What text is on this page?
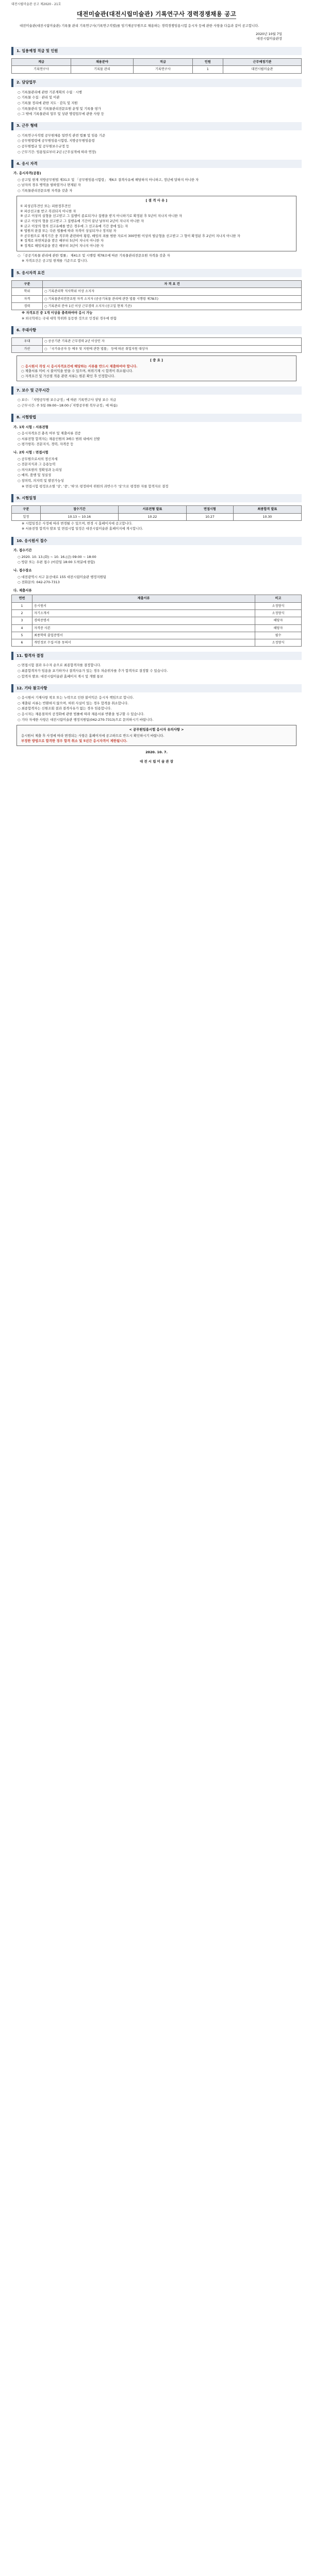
대전시립미술관 공고 제2020 - 21호
대전미술관(대전시립미술관) 기록연구사 경력경쟁채용 공고

대전미술관(대전시립미술관) 기록물 관리 기록연구사(기록연구직렬)를 임기제공무원으로 채용하는 경력경쟁임용시험 응시자 등에 관한 사항을 다음과 같이 공고합니다.

2020년 10월 7일
대전시립미술관장
1. 임용예정 직급 및 인원
계급	채용분야	직급	인원	근무예정기관
기록연구사	기록물 관리	기록연구사	1	대전시립미술관
2. 담당업무

○ 기록물관리에 관한 기본계획의 수립 · 시행

○ 기록물 수집 · 관리 및 이관

○ 기록물 정리에 관한 지도 · 감독 및 지원

○ 기록물관리 및 기록물관리전문요원 운영 및 기록물 평가

○ 그 밖에 기록물관리 업무 및 상관 명령업무에 관한 사항 등

3. 근무 형태

○ 기록연구사직렬 공무원채용 일반직 관련 법률 및 임용 기준

○ 공무원법령에 공무원임용시험령, 지방공무원임용령

○ 공무원법규 및 공무원보수규정 등

○ 근무기간: 임용일로부터 2년 (근무실적에 따라 연장)

4. 응시 자격
가. 응시자격(공통)

○ 공고일 현재 지방공무원법 제31조 및 「공무원임용시험령」 제6조 결격사유에 해당하지 아니하고, 정년에 달하지 아니한 자

○ 남자의 경우 병역을 필하였거나 면제된 자

○ 기록물관리전문요원 자격을 갖춘 자

[ 결 격 사 유 ]

① 피성년후견인 또는 피한정후견인

② 파산선고를 받고 복권되지 아니한 자

③ 금고 이상의 실형을 선고받고 그 집행이 종료되거나 집행을 받지 아니하기로 확정된 후 5년이 지나지 아니한 자

④ 금고 이상의 형을 선고받고 그 집행유예 기간이 끝난 날부터 2년이 지나지 아니한 자

⑤ 금고 이상의 형의 선고유예를 받은 경우에 그 선고유예 기간 중에 있는 자

⑥ 법원의 판결 또는 다른 법률에 따라 자격이 상실되거나 정지된 자

⑦ 공무원으로 재직기간 중 직무와 관련하여 횡령, 배임의 죄를 범한 자로서 300만원 이상의 벌금형을 선고받고 그 형이 확정된 후 2년이 지나지 아니한 자

⑧ 징계로 파면처분을 받은 때부터 5년이 지나지 아니한 자

⑨ 징계로 해임처분을 받은 때부터 3년이 지나지 아니한 자

○ 「공공기록물 관리에 관한 법률」 제41조 및 시행령 제78조에 따른 기록물관리전문요원 자격을 갖춘 자

※ 자격요건은 공고일 현재를 기준으로 합니다.

5. 응시자격 요건
구분	자 격 요 건
학위	○ 기록관리학 석사학위 이상 소지자
자격	○ 기록물관리전문요원 자격 소지자 (공공기록물 관리에 관한 법률 시행령 제78조)
경력	○ 기록관리 분야 1년 이상 근무경력 소지자 (공고일 현재 기준)

※ 자격요건 중 1개 이상을 충족하여야 응시 가능

※ 외국학위는 국내 대학 학위와 동등한 것으로 인정된 경우에 한함

6. 우대사항
우대	○ 공공기관 기록관 근무경력 2년 이상인 자
가산	○ 「국가유공자 등 예우 및 지원에 관한 법률」 등에 따른 취업지원 대상자
[ 중 요 ]

○ 응시원서 작성 시 응시자격요건에 해당하는 서류를 반드시 제출하여야 합니다.

○ 제출서류 미비 시 불이익을 받을 수 있으며, 허위기재 시 합격이 취소됩니다.

○ 자격요건 및 가산점 적용 관련 서류는 원본 확인 후 인정합니다.

7. 보수 및 근무시간

○ 보수: 「지방공무원 보수규정」에 따른 기록연구사 상당 보수 지급

○ 근무시간: 주 5일 09:00~18:00 (「지방공무원 복무규정」에 따름)

8. 시험방법
가. 1차 시험 : 서류전형

○ 응시자격요건 충족 여부 및 제출서류 검증

○ 서류전형 합격자는 채용인원의 3배수 범위 내에서 선발

○ 평가항목: 전문지식, 경력, 자격증 등

나. 2차 시험 : 면접시험

○ 공무원으로서의 정신자세

○ 전문지식과 그 응용능력

○ 의사표현의 정확성과 논리성

○ 예의, 품행 및 성실성

○ 창의력, 의지력 및 발전가능성

※ 면접시험 평정요소별 '상', '중', '하'로 평정하여 위원의 과반수가 '상'으로 평정한 자를 합격자로 결정

9. 시험일정
구분	접수기간	서류전형 발표	면접시험	최종합격 발표
일정	10.13 ~ 10.16	10.22	10.27	10.30

※ 시험일정은 사정에 따라 변경될 수 있으며, 변경 시 홈페이지에 공고합니다.

※ 서류전형 합격자 발표 및 면접시험 일정은 대전시립미술관 홈페이지에 게시합니다.

10. 응시원서 접수
가. 접수기간

○ 2020. 10. 13.(화) ~ 10. 16.(금) 09:00 ~ 18:00

○ 방문 또는 우편 접수 (마감일 18:00 도착분에 한함)

나. 접수장소

○ 대전광역시 서구 둔산대로 155 대전시립미술관 행정지원팀

○ 전화문의: 042-270-7313

다. 제출서류
연번	제출서류	비고
1	응시원서	소정양식
2	자기소개서	소정양식
3	경력증명서	해당자
4	자격증 사본	해당자
5	최종학력 졸업증명서	필수
6	개인정보 수집·이용 동의서	소정양식
11. 합격자 결정

○ 면접시험 결과 우수자 순으로 최종합격자를 결정합니다.

○ 최종합격자가 임용을 포기하거나 결격사유가 있는 경우 차순위자를 추가 합격자로 결정할 수 있습니다.

○ 합격자 발표: 대전시립미술관 홈페이지 게시 및 개별 통보

12. 기타 참고사항

○ 응시원서 기재사항 착오 또는 누락으로 인한 불이익은 응시자 책임으로 합니다.

○ 제출된 서류는 반환하지 않으며, 허위 사실이 있는 경우 합격을 취소합니다.

○ 최종합격자는 신원조회 결과 결격사유가 없는 경우 임용합니다.

○ 응시자는 채용절차의 공정화에 관한 법률에 따라 채용서류 반환을 청구할 수 있습니다.

○ 기타 자세한 사항은 대전시립미술관 행정지원팀(042-270-7313)으로 문의하시기 바랍니다.

< 공무원임용시험 응시자 유의사항 >

응시원서 제출 후 사정에 따라 변경되는 사항은 홈페이지에 공고하므로 반드시 확인하시기 바랍니다.

부정한 방법으로 합격한 경우 합격 취소 및 5년간 응시자격이 제한됩니다.

2020. 10. 7.
대 전 시 립 미 술 관 장
